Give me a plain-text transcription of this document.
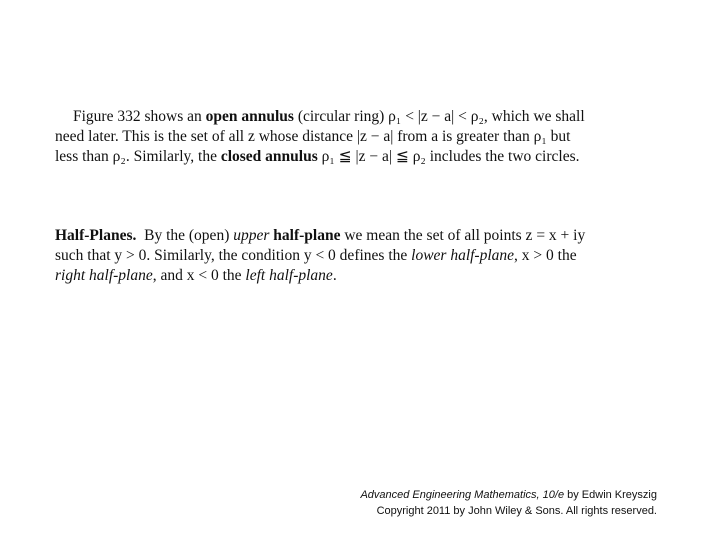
Figure 332 shows an open annulus (circular ring) ρ₁ < |z − a| < ρ₂, which we shall
need later. This is the set of all z whose distance |z − a| from a is greater than ρ₁ but
less than ρ₂. Similarly, the closed annulus ρ₁ ≦ |z − a| ≦ ρ₂ includes the two circles.
Half-Planes.  By the (open) upper half-plane we mean the set of all points z = x + iy
such that y > 0. Similarly, the condition y < 0 defines the lower half-plane, x > 0 the
right half-plane, and x < 0 the left half-plane.
Advanced Engineering Mathematics, 10/e by Edwin Kreyszig
Copyright 2011 by John Wiley & Sons. All rights reserved.
